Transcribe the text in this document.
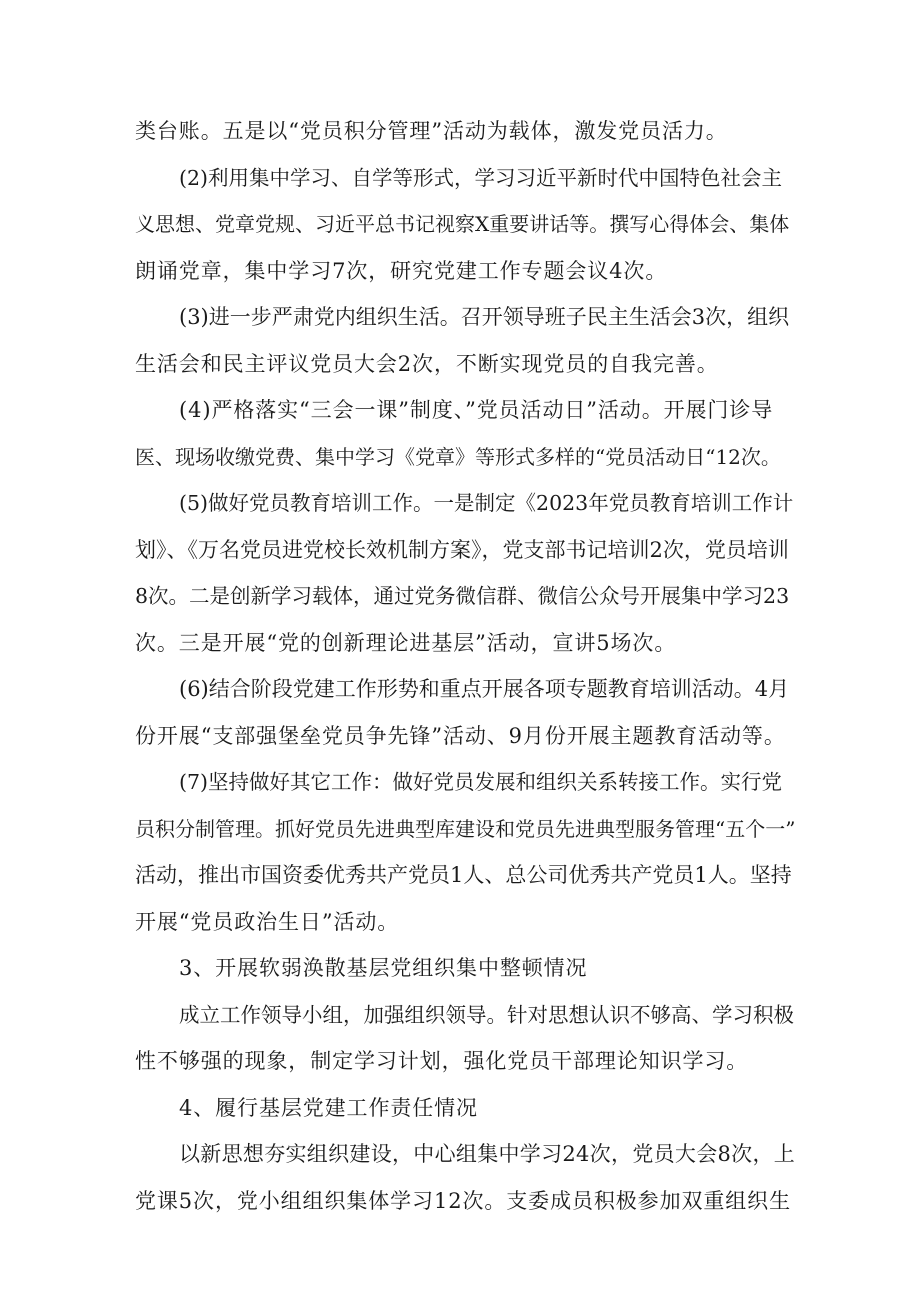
类台账。五是以“党员积分管理”活动为载体，激发党员活力。
(2)利用集中学习、自学等形式，学习习近平新时代中国特色社会主
义思想、党章党规、习近平总书记视察X重要讲话等。撰写心得体会、集体
朗诵党章，集中学习7次，研究党建工作专题会议4次。
(3)进一步严肃党内组织生活。召开领导班子民主生活会3次，组织
生活会和民主评议党员大会2次，不断实现党员的自我完善。
(4)严格落实“三会一课”制度、”党员活动日”活动。开展门诊导
医、现场收缴党费、集中学习《党章》等形式多样的“党员活动日“12次。
(5)做好党员教育培训工作。一是制定《2023年党员教育培训工作计
划》、《万名党员进党校长效机制方案》，党支部书记培训2次，党员培训
8次。二是创新学习载体，通过党务微信群、微信公众号开展集中学习23
次。三是开展“党的创新理论进基层”活动，宣讲5场次。
(6)结合阶段党建工作形势和重点开展各项专题教育培训活动。4月
份开展“支部强堡垒党员争先锋”活动、9月份开展主题教育活动等。
(7)坚持做好其它工作：做好党员发展和组织关系转接工作。实行党
员积分制管理。抓好党员先进典型库建设和党员先进典型服务管理“五个一”
活动，推出市国资委优秀共产党员1人、总公司优秀共产党员1人。坚持
开展“党员政治生日”活动。
3、开展软弱涣散基层党组织集中整顿情况
成立工作领导小组，加强组织领导。针对思想认识不够高、学习积极
性不够强的现象，制定学习计划，强化党员干部理论知识学习。
4、履行基层党建工作责任情况
以新思想夯实组织建设，中心组集中学习24次，党员大会8次，上
党课5次，党小组组织集体学习12次。支委成员积极参加双重组织生
